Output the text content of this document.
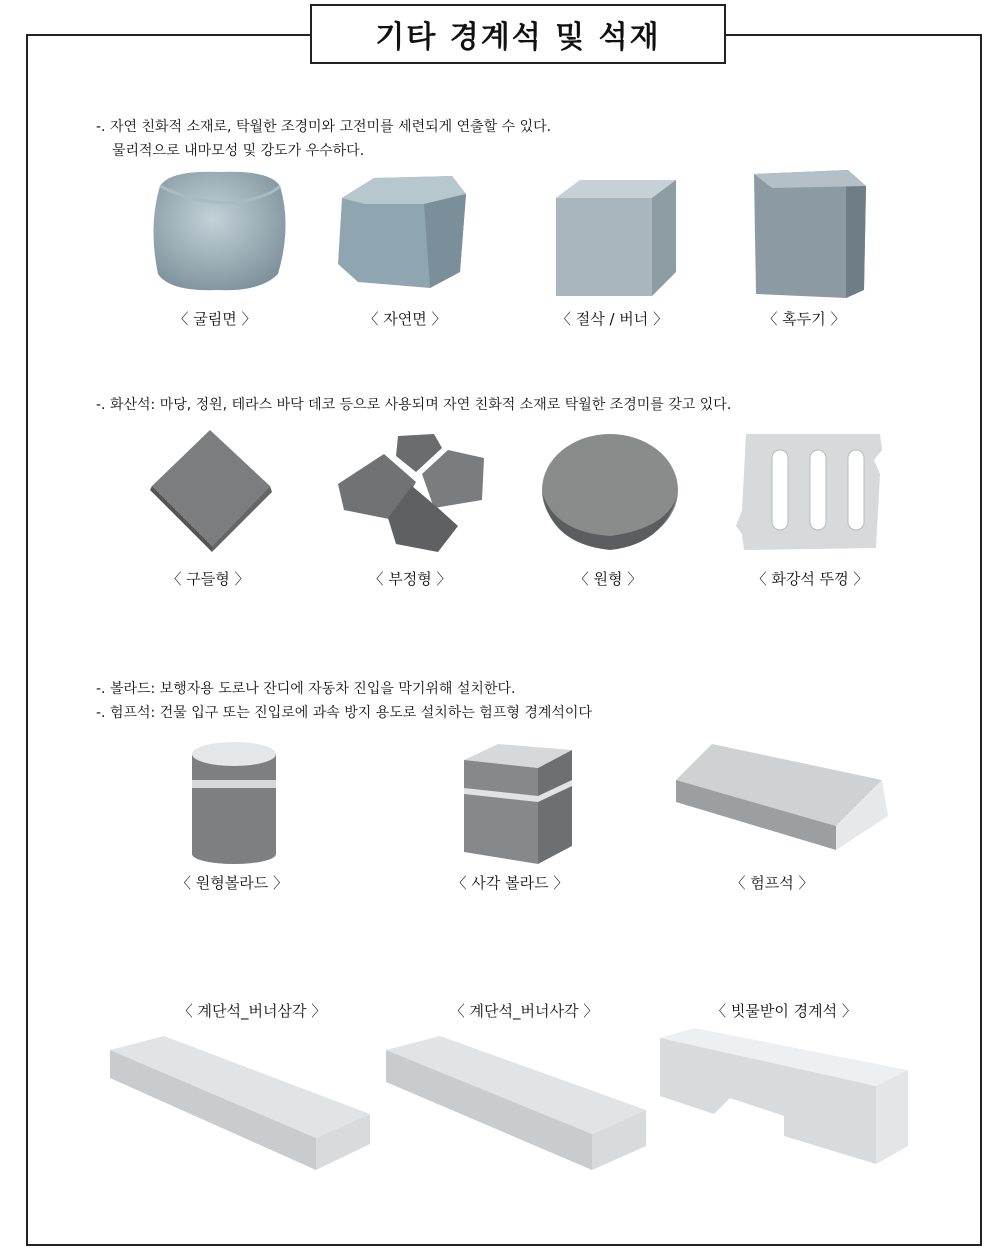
기타 경계석 및 석재
-. 자연 친화적 소재로, 탁월한 조경미와 고전미를 세련되게 연출할 수 있다.
물리적으로 내마모성 및 강도가 우수하다.
〈 굴림면 〉	〈 자연면 〉	〈 절삭 / 버너 〉	〈 혹두기 〉
-. 화산석: 마당, 정원, 테라스 바닥 데코 등으로 사용되며 자연 친화적 소재로 탁월한 조경미를 갖고 있다.
〈 구들형 〉	〈 부정형 〉	〈 원형 〉	〈 화강석 뚜껑 〉
-. 볼라드: 보행자용 도로나 잔디에 자동차 진입을 막기위해 설치한다.
-. 험프석: 건물 입구 또는 진입로에 과속 방지 용도로 설치하는 험프형 경계석이다
〈 원형볼라드 〉	〈 사각 볼라드 〉	〈 험프석 〉
〈 계단석_버너삼각 〉	〈 계단석_버너사각 〉	〈 빗물받이 경계석 〉
